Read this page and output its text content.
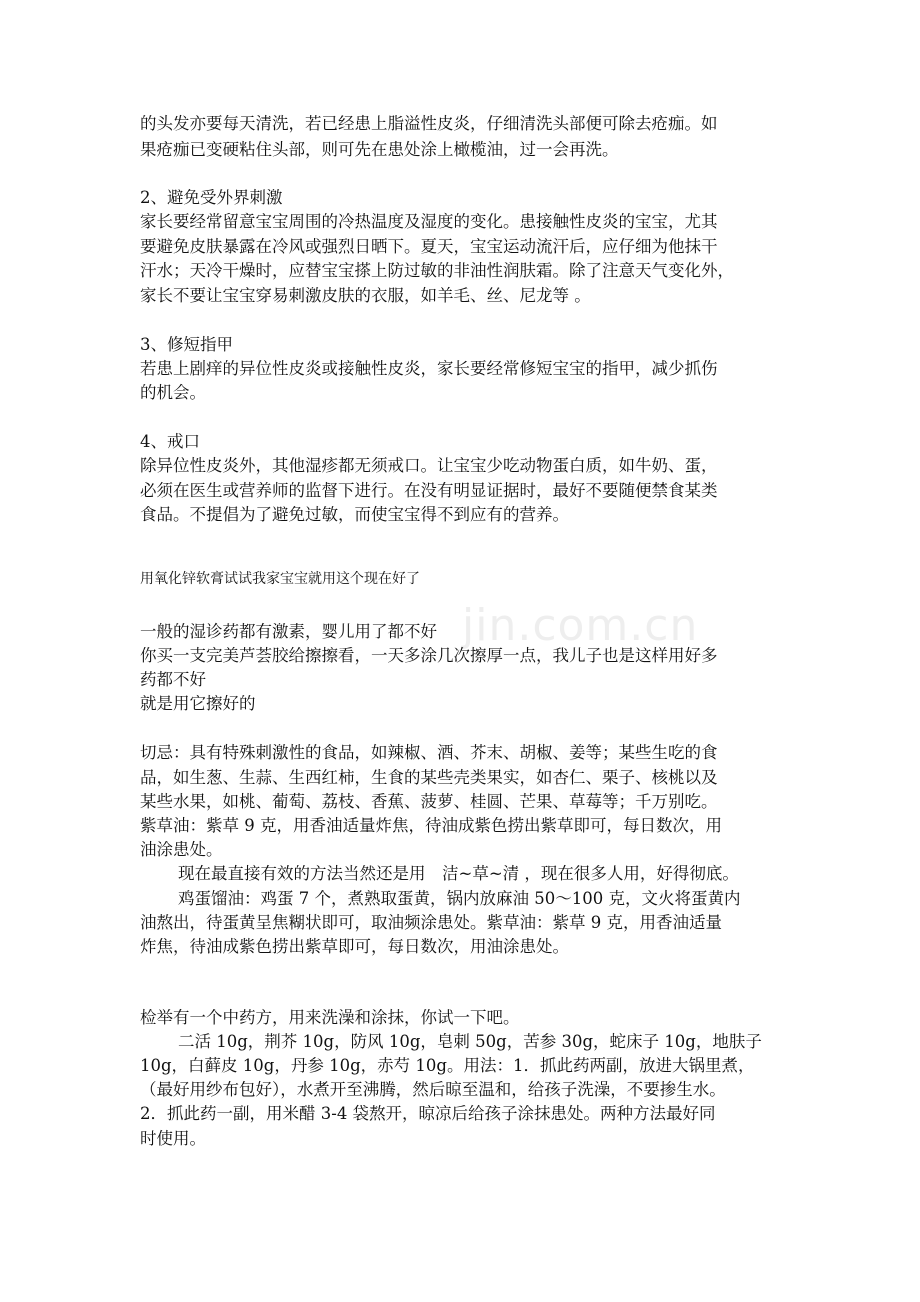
jin.com.cn
的头发亦要每天清洗，若已经患上脂溢性皮炎，仔细清洗头部便可除去疮痂。如
果疮痂已变硬粘住头部，则可先在患处涂上橄榄油，过一会再洗。
2、避免受外界刺激
家长要经常留意宝宝周围的冷热温度及湿度的变化。患接触性皮炎的宝宝，尤其
要避免皮肤暴露在冷风或强烈日晒下。夏天，宝宝运动流汗后，应仔细为他抹干
汗水；天冷干燥时，应替宝宝搽上防过敏的非油性润肤霜。除了注意天气变化外，
家长不要让宝宝穿易刺激皮肤的衣服，如羊毛、丝、尼龙等 。
3、修短指甲
若患上剧痒的异位性皮炎或接触性皮炎，家长要经常修短宝宝的指甲，减少抓伤
的机会。
4、戒口
除异位性皮炎外，其他湿疹都无须戒口。让宝宝少吃动物蛋白质，如牛奶、蛋，
必须在医生或营养师的监督下进行。在没有明显证据时，最好不要随便禁食某类
食品。不提倡为了避免过敏，而使宝宝得不到应有的营养。
用氧化锌软膏试试我家宝宝就用这个现在好了
一般的湿诊药都有激素，婴儿用了都不好
你买一支完美芦荟胶给擦擦看，一天多涂几次擦厚一点，我儿子也是这样用好多
药都不好
就是用它擦好的
切忌：具有特殊刺激性的食品，如辣椒、酒、芥末、胡椒、姜等；某些生吃的食
品，如生葱、生蒜、生西红柿，生食的某些壳类果实，如杏仁、栗子、核桃以及
某些水果，如桃、葡萄、荔枝、香蕉、菠萝、桂圆、芒果、草莓等；千万别吃。
紫草油：紫草 9 克，用香油适量炸焦，待油成紫色捞出紫草即可，每日数次，用
油涂患处。
现在最直接有效的方法当然还是用　洁~草~清 ，现在很多人用，好得彻底。
鸡蛋馏油：鸡蛋 7 个，煮熟取蛋黄，锅内放麻油 50～100 克，文火将蛋黄内
油熬出，待蛋黄呈焦糊状即可，取油频涂患处。紫草油：紫草 9 克，用香油适量
炸焦，待油成紫色捞出紫草即可，每日数次，用油涂患处。
检举有一个中药方，用来洗澡和涂抹，你试一下吧。
二活 10g，荆芥 10g，防风 10g，皂刺 50g，苦参 30g，蛇床子 10g，地肤子
10g，白藓皮 10g，丹参 10g，赤芍 10g。用法：1．抓此药两副，放进大锅里煮，
（最好用纱布包好），水煮开至沸腾，然后晾至温和，给孩子洗澡，不要掺生水。
2．抓此药一副，用米醋 3-4 袋熬开，晾凉后给孩子涂抹患处。两种方法最好同
时使用。
